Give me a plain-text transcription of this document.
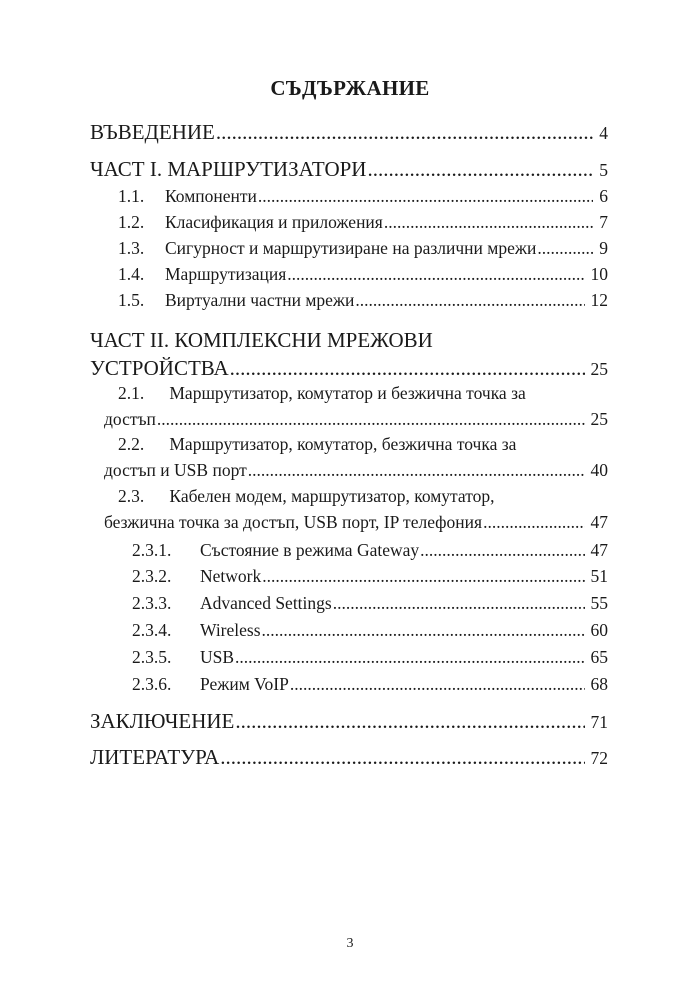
СЪДЪРЖАНИЕ
ВЪВЕДЕНИЕ .....	4
ЧАСТ I. МАРШРУТИЗАТОРИ .....	5
1.1.	Компоненти .....	6
1.2.	Класификация и приложения .....	7
1.3.	Сигурност и маршрутизиране на различни мрежи .....	9
1.4.	Маршрутизация .....	10
1.5.	Виртуални частни мрежи .....	12
ЧАСТ II. КОМПЛЕКСНИ МРЕЖОВИ
УСТРОЙСТВА .....	25
2.1. Маршрутизатор, комутатор и безжична точка за
достъп .....	25
2.2. Маршрутизатор, комутатор, безжична точка за
достъп и USB порт .....	40
2.3. Кабелен модем, маршрутизатор, комутатор,
безжична точка за достъп, USB порт, IP телефония .....	47
2.3.1.	Състояние в режима Gateway .....	47
2.3.2.	Network .....	51
2.3.3.	Advanced Settings .....	55
2.3.4.	Wireless .....	60
2.3.5.	USB .....	65
2.3.6.	Режим VoIP .....	68
ЗАКЛЮЧЕНИЕ .....	71
ЛИТЕРАТУРА .....	72
3
